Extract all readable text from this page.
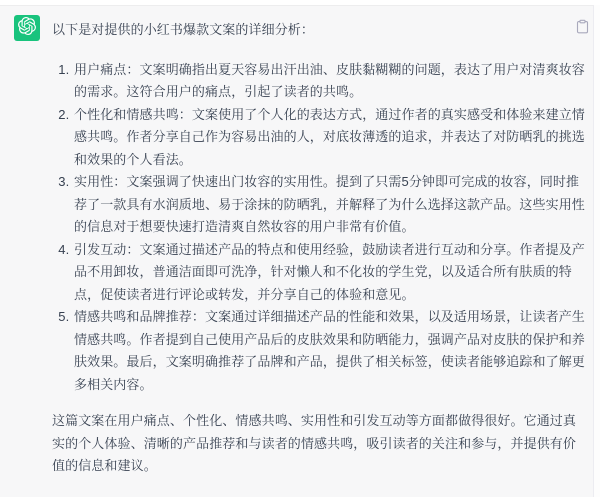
以下是对提供的小红书爆款文案的详细分析：

1. 用户痛点：文案明确指出夏天容易出汗出油、皮肤黏糊糊的问题，表达了用户对清爽妆容的需求。这符合用户的痛点，引起了读者的共鸣。
2. 个性化和情感共鸣：文案使用了个人化的表达方式，通过作者的真实感受和体验来建立情感共鸣。作者分享自己作为容易出油的人，对底妆薄透的追求，并表达了对防晒乳的挑选和效果的个人看法。
3. 实用性：文案强调了快速出门妆容的实用性。提到了只需5分钟即可完成的妆容，同时推荐了一款具有水润质地、易于涂抹的防晒乳，并解释了为什么选择这款产品。这些实用性的信息对于想要快速打造清爽自然妆容的用户非常有价值。
4. 引发互动：文案通过描述产品的特点和使用经验，鼓励读者进行互动和分享。作者提及产品不用卸妆，普通洁面即可洗净，针对懒人和不化妆的学生党，以及适合所有肤质的特点，促使读者进行评论或转发，并分享自己的体验和意见。
5. 情感共鸣和品牌推荐：文案通过详细描述产品的性能和效果，以及适用场景，让读者产生情感共鸣。作者提到自己使用产品后的皮肤效果和防晒能力，强调产品对皮肤的保护和养肤效果。最后，文案明确推荐了品牌和产品，提供了相关标签，使读者能够追踪和了解更多相关内容。

这篇文案在用户痛点、个性化、情感共鸣、实用性和引发互动等方面都做得很好。它通过真实的个人体验、清晰的产品推荐和与读者的情感共鸣，吸引读者的关注和参与，并提供有价值的信息和建议。
